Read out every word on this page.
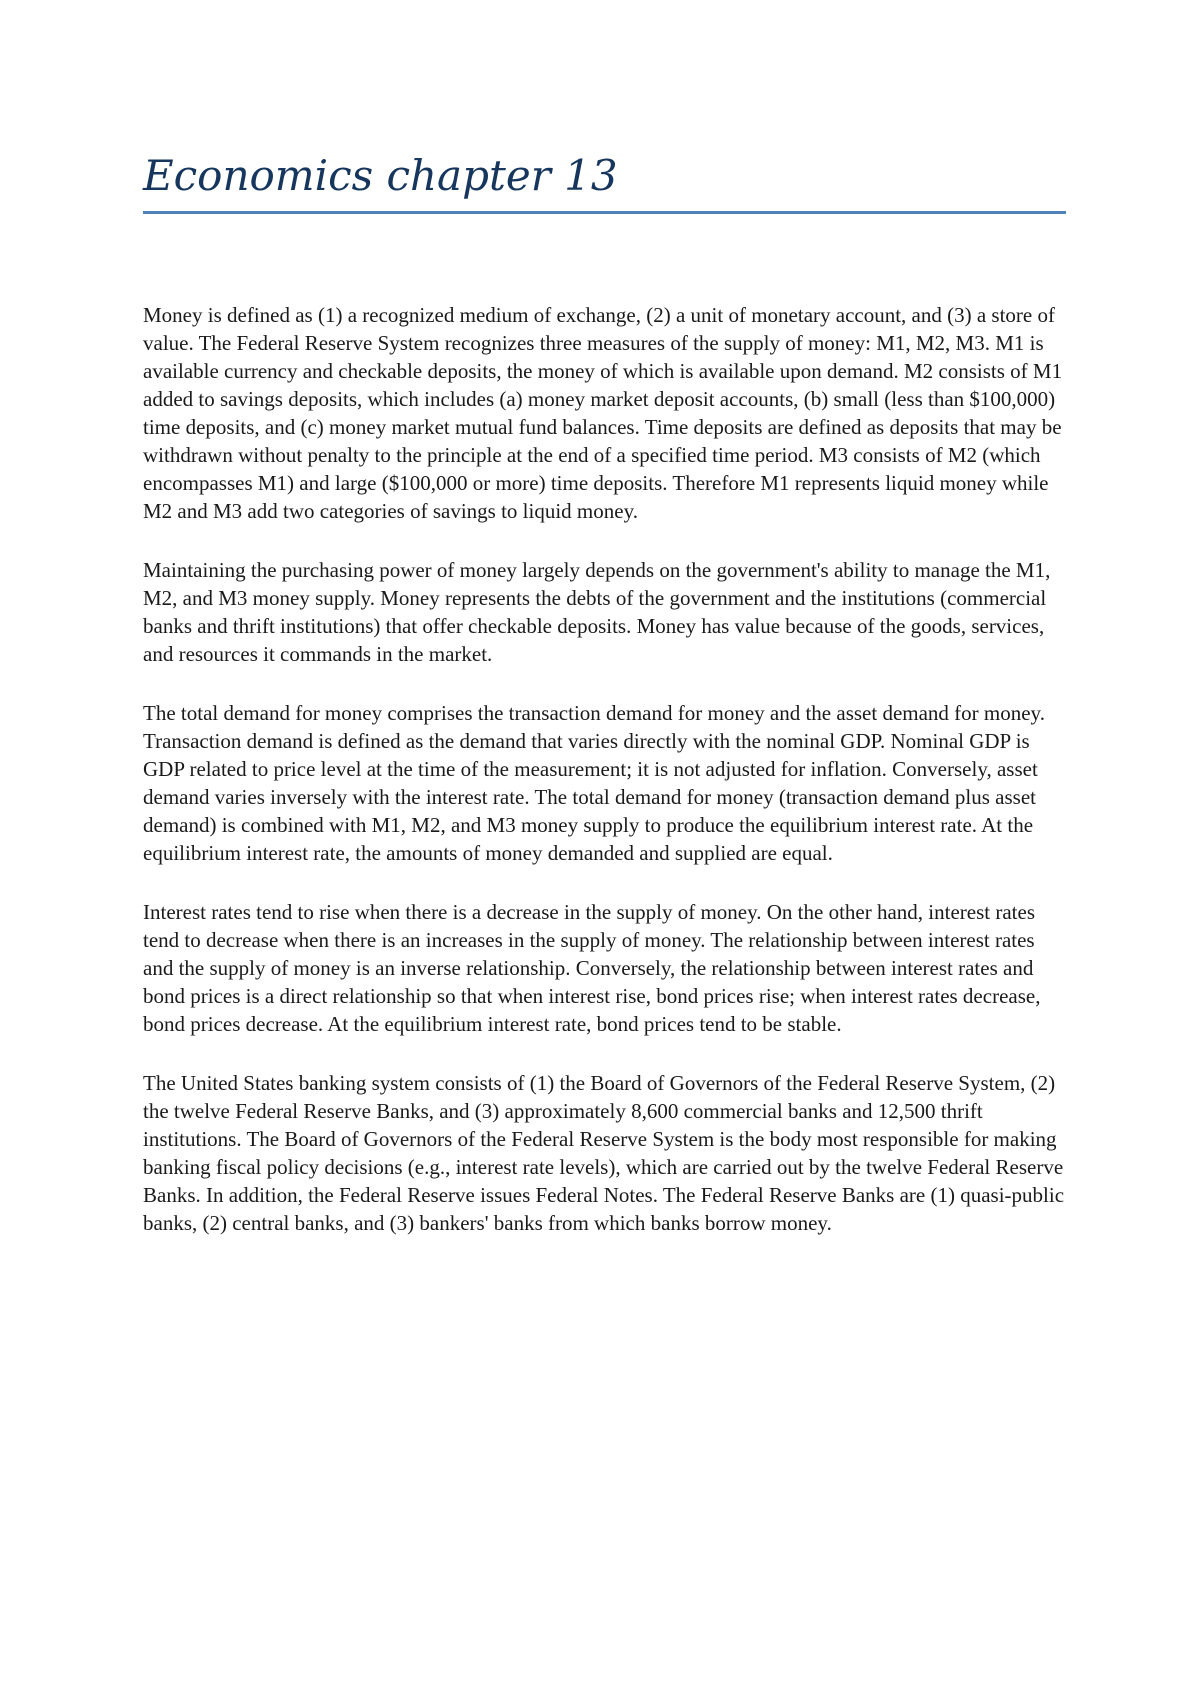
Economics chapter 13

Money is defined as (1) a recognized medium of exchange, (2) a unit of monetary account, and (3) a store of value. The Federal Reserve System recognizes three measures of the supply of money: M1, M2, M3. M1 is available currency and checkable deposits, the money of which is available upon demand. M2 consists of M1 added to savings deposits, which includes (a) money market deposit accounts, (b) small (less than $100,000) time deposits, and (c) money market mutual fund balances. Time deposits are defined as deposits that may be withdrawn without penalty to the principle at the end of a specified time period. M3 consists of M2 (which encompasses M1) and large ($100,000 or more) time deposits. Therefore M1 represents liquid money while M2 and M3 add two categories of savings to liquid money.

Maintaining the purchasing power of money largely depends on the government's ability to manage the M1, M2, and M3 money supply. Money represents the debts of the government and the institutions (commercial banks and thrift institutions) that offer checkable deposits. Money has value because of the goods, services, and resources it commands in the market.

The total demand for money comprises the transaction demand for money and the asset demand for money. Transaction demand is defined as the demand that varies directly with the nominal GDP. Nominal GDP is GDP related to price level at the time of the measurement; it is not adjusted for inflation. Conversely, asset demand varies inversely with the interest rate. The total demand for money (transaction demand plus asset demand) is combined with M1, M2, and M3 money supply to produce the equilibrium interest rate. At the equilibrium interest rate, the amounts of money demanded and supplied are equal.

Interest rates tend to rise when there is a decrease in the supply of money. On the other hand, interest rates tend to decrease when there is an increases in the supply of money. The relationship between interest rates and the supply of money is an inverse relationship. Conversely, the relationship between interest rates and bond prices is a direct relationship so that when interest rise, bond prices rise; when interest rates decrease, bond prices decrease. At the equilibrium interest rate, bond prices tend to be stable.

The United States banking system consists of (1) the Board of Governors of the Federal Reserve System, (2) the twelve Federal Reserve Banks, and (3) approximately 8,600 commercial banks and 12,500 thrift institutions. The Board of Governors of the Federal Reserve System is the body most responsible for making banking fiscal policy decisions (e.g., interest rate levels), which are carried out by the twelve Federal Reserve Banks. In addition, the Federal Reserve issues Federal Notes. The Federal Reserve Banks are (1) quasi-public banks, (2) central banks, and (3) bankers' banks from which banks borrow money.
